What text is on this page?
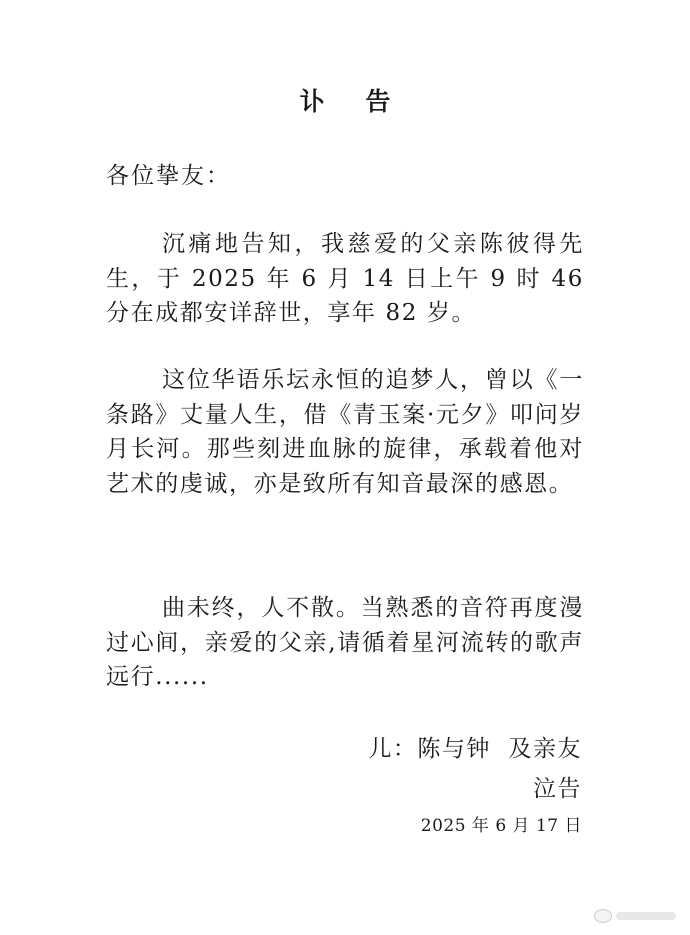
讣 告
各位挚友：

沉痛地告知，我慈爱的父亲陈彼得先生，于 2025 年 6 月 14 日上午 9 时 46 分在成都安详辞世，享年 82 岁。

这位华语乐坛永恒的追梦人，曾以《一条路》丈量人生，借《青玉案·元夕》叩问岁月长河。那些刻进血脉的旋律，承载着他对艺术的虔诚，亦是致所有知音最深的感恩。

曲未终，人不散。当熟悉的音符再度漫过心间，亲爱的父亲,请循着星河流转的歌声远行......

儿：陈与钟  及亲友
泣告
2025 年 6 月 17 日
